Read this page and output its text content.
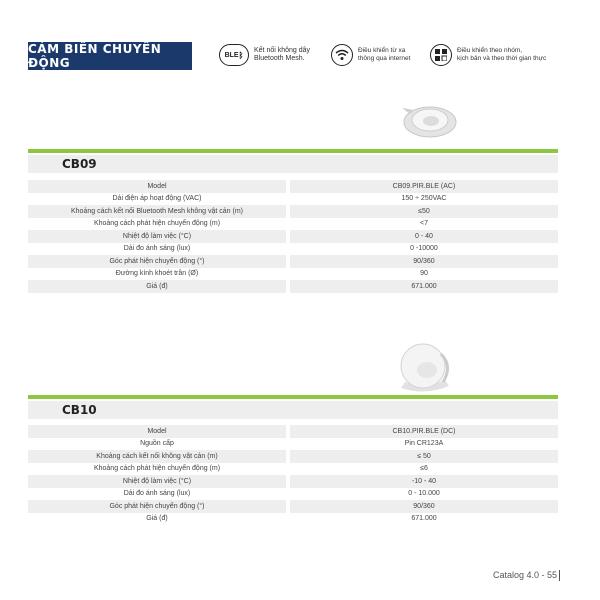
CẢM BIẾN CHUYỂN ĐỘNG
BLE ᛒ
Kết nối không dây
Bluetooth Mesh.
Điều khiển từ xa
thông qua internet
Điều khiển theo nhóm,
kịch bản và theo thời gian thực
CB09
Model		CB09.PIR.BLE (AC)
Dải điện áp hoạt động (VAC)		150 ÷ 250VAC
Khoảng cách kết nối Bluetooth Mesh không vật cản (m)		≤50
Khoảng cách phát hiện chuyển động (m)		<7
Nhiệt độ làm việc (°C)		0 - 40
Dải đo ánh sáng (lux)		0 -10000
Góc phát hiện chuyển động (°)		90/360
Đường kính khoét trần (Ø)		90
Giá (đ)		671.000
CB10
Model		CB10.PIR.BLE (DC)
Nguồn cấp		Pin CR123A
Khoảng cách kết nối không vật cản (m)		≤ 50
Khoảng cách phát hiện chuyển động (m)		≤6
Nhiệt độ làm việc (°C)		-10 - 40
Dải đo ánh sáng (lux)		0 - 10.000
Góc phát hiện chuyển động (°)		90/360
Giá (đ)		671.000
Catalog 4.0 - 55
